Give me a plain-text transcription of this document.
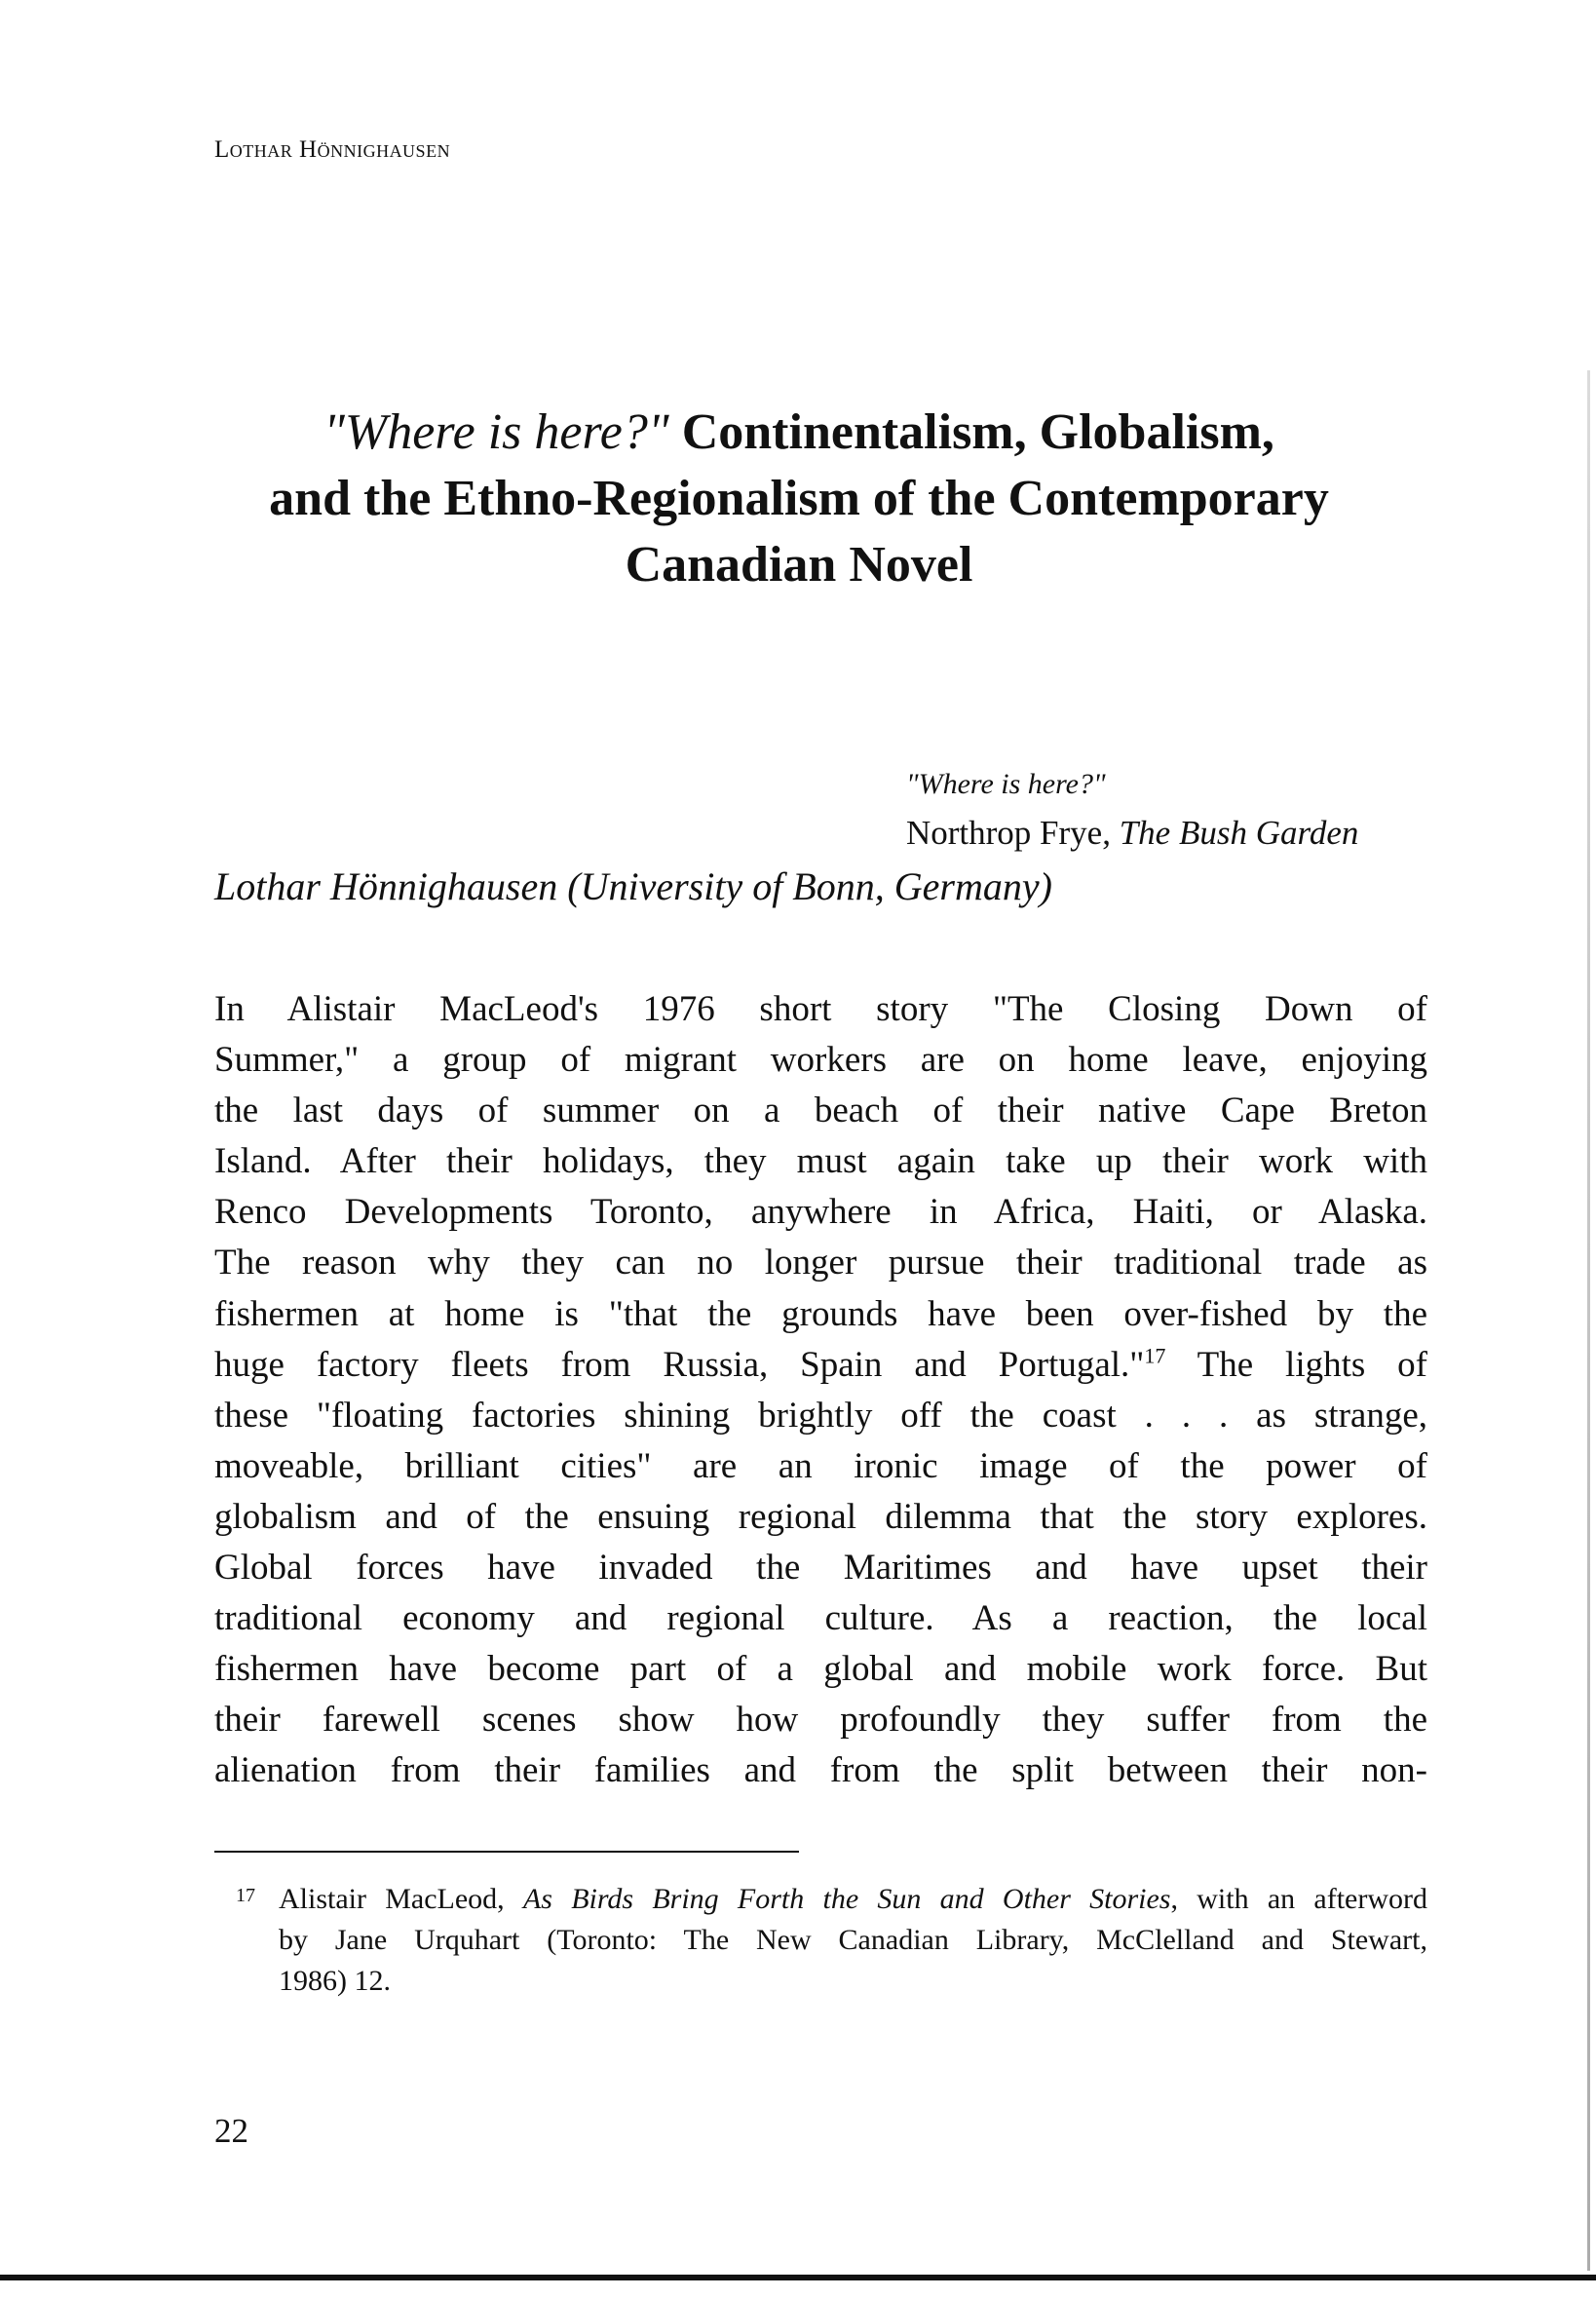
Lothar Hönnighausen
"Where is here?" Continentalism, Globalism,
and the Ethno-Regionalism of the Contemporary
Canadian Novel
"Where is here?"
Northrop Frye, The Bush Garden
Lothar Hönnighausen (University of Bonn, Germany)
In Alistair MacLeod's 1976 short story "The Closing Down of
Summer," a group of migrant workers are on home leave, enjoying
the last days of summer on a beach of their native Cape Breton
Island. After their holidays, they must again take up their work with
Renco Developments Toronto, anywhere in Africa, Haiti, or Alaska.
The reason why they can no longer pursue their traditional trade as
fishermen at home is "that the grounds have been over-fished by the
huge factory fleets from Russia, Spain and Portugal."$^{17}$ The lights of
these "floating factories shining brightly off the coast . . . as strange,
moveable, brilliant cities" are an ironic image of the power of
globalism and of the ensuing regional dilemma that the story explores.
Global forces have invaded the Maritimes and have upset their
traditional economy and regional culture. As a reaction, the local
fishermen have become part of a global and mobile work force. But
their farewell scenes show how profoundly they suffer from the
alienation from their families and from the split between their non-
17 Alistair MacLeod, As Birds Bring Forth the Sun and Other Stories, with an afterword
by Jane Urquhart (Toronto: The New Canadian Library, McClelland and Stewart,
1986) 12.
22
